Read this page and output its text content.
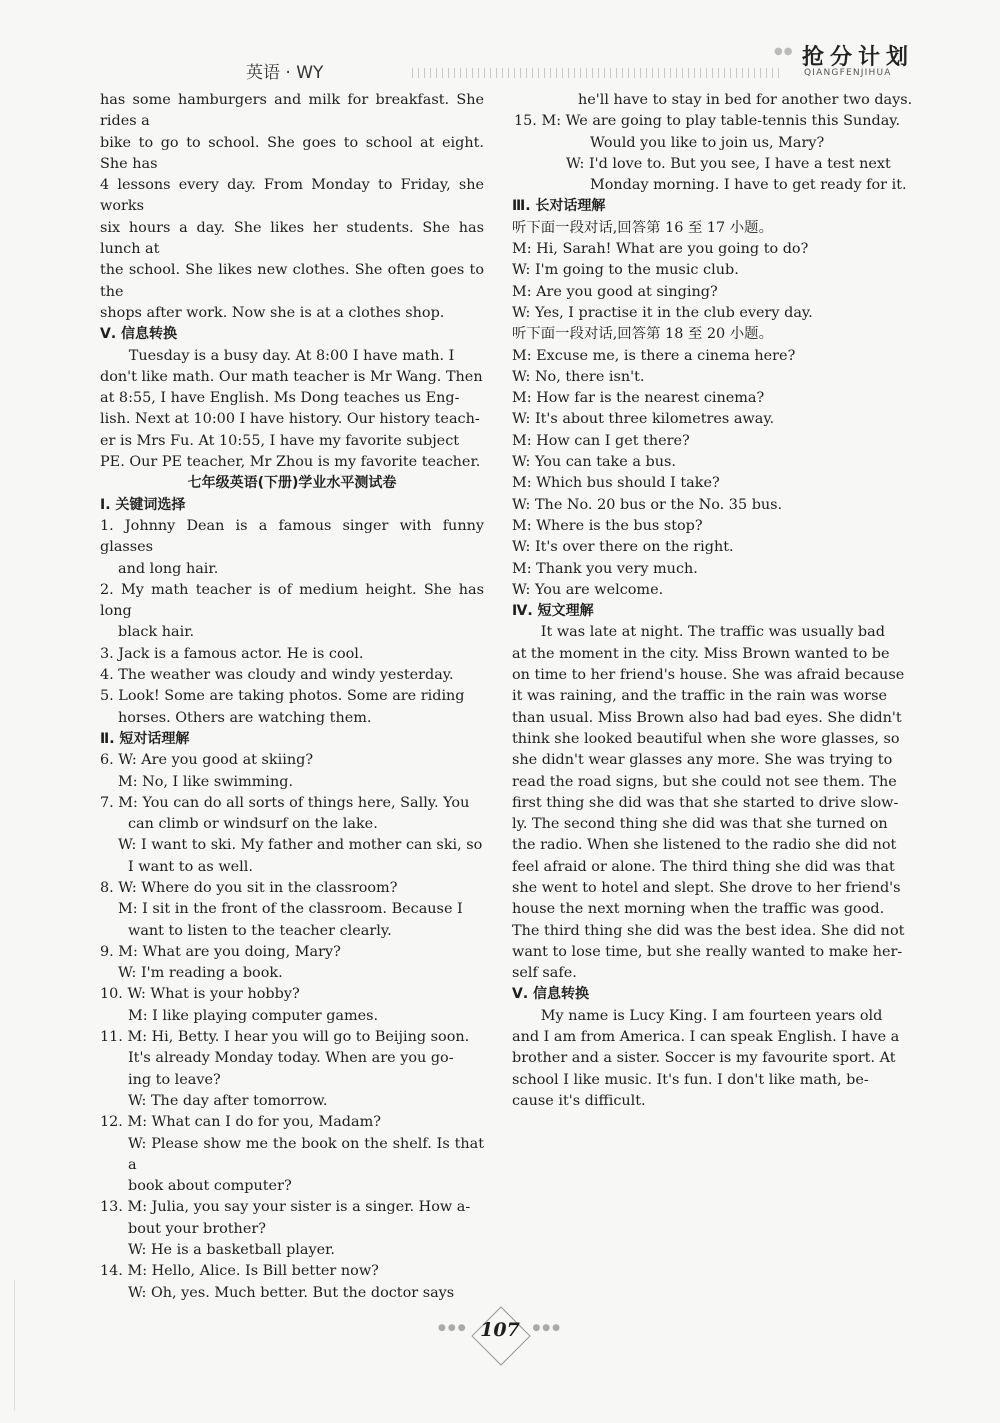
英语 · WY
●● 抢分计划
QIANGFENJIHUA
has some hamburgers and milk for breakfast. She rides a
bike to go to school. She goes to school at eight. She has
4 lessons every day. From Monday to Friday, she works
six hours a day. She likes her students. She has lunch at
the school. She likes new clothes. She often goes to the
shops after work. Now she is at a clothes shop.
Ⅴ. 信息转换
Tuesday is a busy day. At 8:00 I have math. I
don't like math. Our math teacher is Mr Wang. Then
at 8:55, I have English. Ms Dong teaches us Eng-
lish. Next at 10:00 I have history. Our history teach-
er is Mrs Fu. At 10:55, I have my favorite subject
PE. Our PE teacher, Mr Zhou is my favorite teacher.
七年级英语(下册)学业水平测试卷
Ⅰ. 关键词选择
1. Johnny Dean is a famous singer with funny glasses
and long hair.
2. My math teacher is of medium height. She has long
black hair.
3. Jack is a famous actor. He is cool.
4. The weather was cloudy and windy yesterday.
5. Look! Some are taking photos. Some are riding
horses. Others are watching them.
Ⅱ. 短对话理解
6. W: Are you good at skiing?
M: No, I like swimming.
7. M: You can do all sorts of things here, Sally. You
can climb or windsurf on the lake.
W: I want to ski. My father and mother can ski, so
I want to as well.
8. W: Where do you sit in the classroom?
M: I sit in the front of the classroom. Because I
want to listen to the teacher clearly.
9. M: What are you doing, Mary?
W: I'm reading a book.
10. W: What is your hobby?
M: I like playing computer games.
11. M: Hi, Betty. I hear you will go to Beijing soon.
It's already Monday today. When are you go-
ing to leave?
W: The day after tomorrow.
12. M: What can I do for you, Madam?
W: Please show me the book on the shelf. Is that a
book about computer?
13. M: Julia, you say your sister is a singer. How a-
bout your brother?
W: He is a basketball player.
14. M: Hello, Alice. Is Bill better now?
W: Oh, yes. Much better. But the doctor says
he'll have to stay in bed for another two days.
15. M: We are going to play table-tennis this Sunday.
Would you like to join us, Mary?
W: I'd love to. But you see, I have a test next
Monday morning. I have to get ready for it.
Ⅲ. 长对话理解
听下面一段对话,回答第 16 至 17 小题。
M: Hi, Sarah! What are you going to do?
W: I'm going to the music club.
M: Are you good at singing?
W: Yes, I practise it in the club every day.
听下面一段对话,回答第 18 至 20 小题。
M: Excuse me, is there a cinema here?
W: No, there isn't.
M: How far is the nearest cinema?
W: It's about three kilometres away.
M: How can I get there?
W: You can take a bus.
M: Which bus should I take?
W: The No. 20 bus or the No. 35 bus.
M: Where is the bus stop?
W: It's over there on the right.
M: Thank you very much.
W: You are welcome.
Ⅳ. 短文理解
It was late at night. The traffic was usually bad
at the moment in the city. Miss Brown wanted to be
on time to her friend's house. She was afraid because
it was raining, and the traffic in the rain was worse
than usual. Miss Brown also had bad eyes. She didn't
think she looked beautiful when she wore glasses, so
she didn't wear glasses any more. She was trying to
read the road signs, but she could not see them. The
first thing she did was that she started to drive slow-
ly. The second thing she did was that she turned on
the radio. When she listened to the radio she did not
feel afraid or alone. The third thing she did was that
she went to hotel and slept. She drove to her friend's
house the next morning when the traffic was good.
The third thing she did was the best idea. She did not
want to lose time, but she really wanted to make her-
self safe.
Ⅴ. 信息转换
My name is Lucy King. I am fourteen years old
and I am from America. I can speak English. I have a
brother and a sister. Soccer is my favourite sport. At
school I like music. It's fun. I don't like math, be-
cause it's difficult.
●●●	●●●
107
